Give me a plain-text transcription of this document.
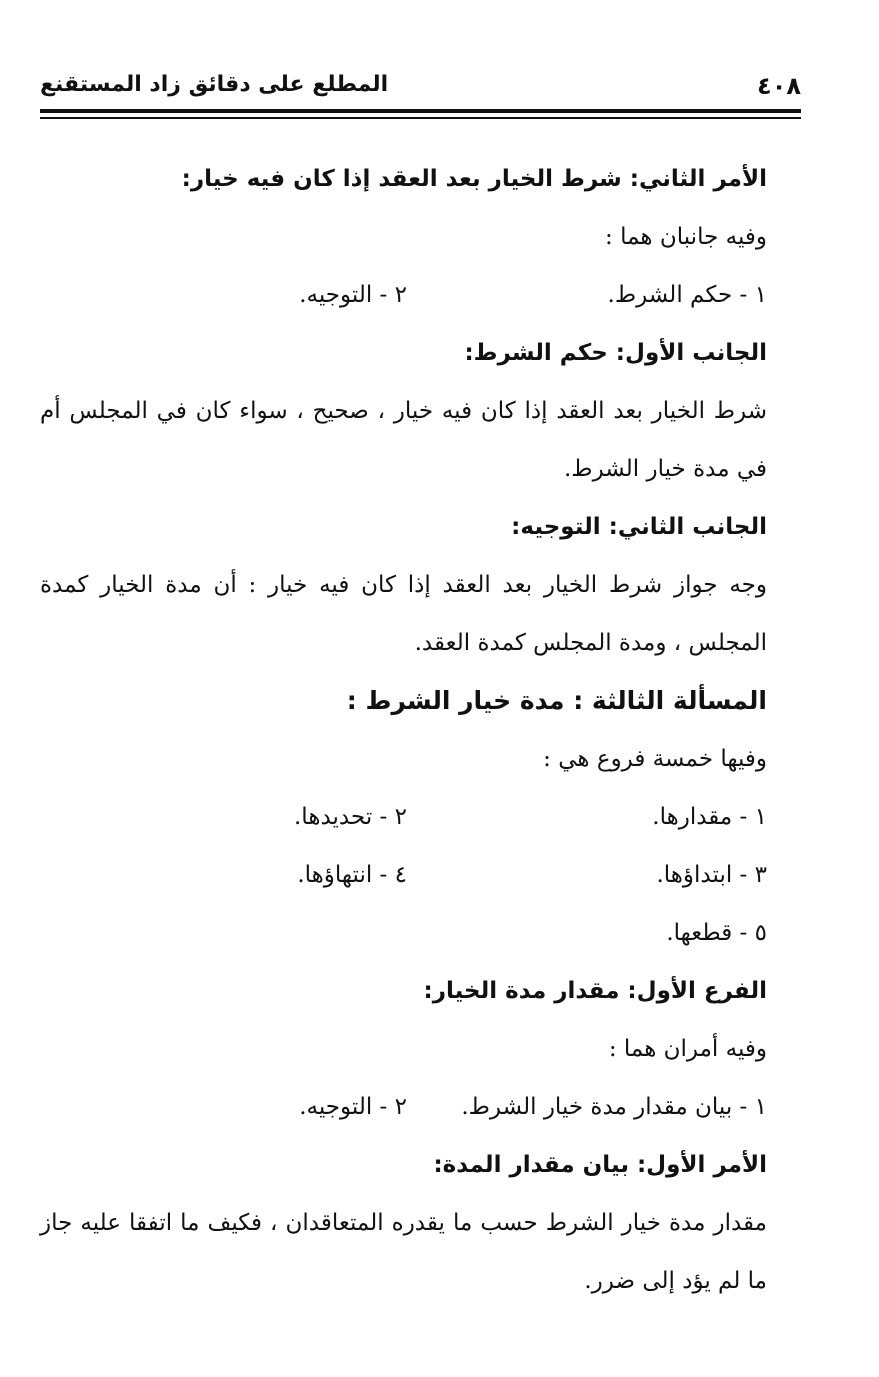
٤٠٨
المطلع على دقائق زاد المستقنع
الأمر الثاني: شرط الخيار بعد العقد إذا كان فيه خيار:
وفيه جانبان هما :
١ - حكم الشرط.
٢ - التوجيه.
الجانب الأول: حكم الشرط:
شرط الخيار بعد العقد إذا كان فيه خيار ، صحيح ، سواء كان في المجلس أم
في مدة خيار الشرط.
الجانب الثاني: التوجيه:
وجه جواز شرط الخيار بعد العقد إذا كان فيه خيار : أن مدة الخيار كمدة
المجلس ، ومدة المجلس كمدة العقد.
المسألة الثالثة : مدة خيار الشرط :
وفيها خمسة فروع هي :
١ - مقدارها.
٢ - تحديدها.
٣ - ابتداؤها.
٤ - انتهاؤها.
٥ - قطعها.
الفرع الأول: مقدار مدة الخيار:
وفيه أمران هما :
١ - بيان مقدار مدة خيار الشرط.
٢ - التوجيه.
الأمر الأول: بيان مقدار المدة:
مقدار مدة خيار الشرط حسب ما يقدره المتعاقدان ، فكيف ما اتفقا عليه جاز
ما لم يؤد إلى ضرر.
